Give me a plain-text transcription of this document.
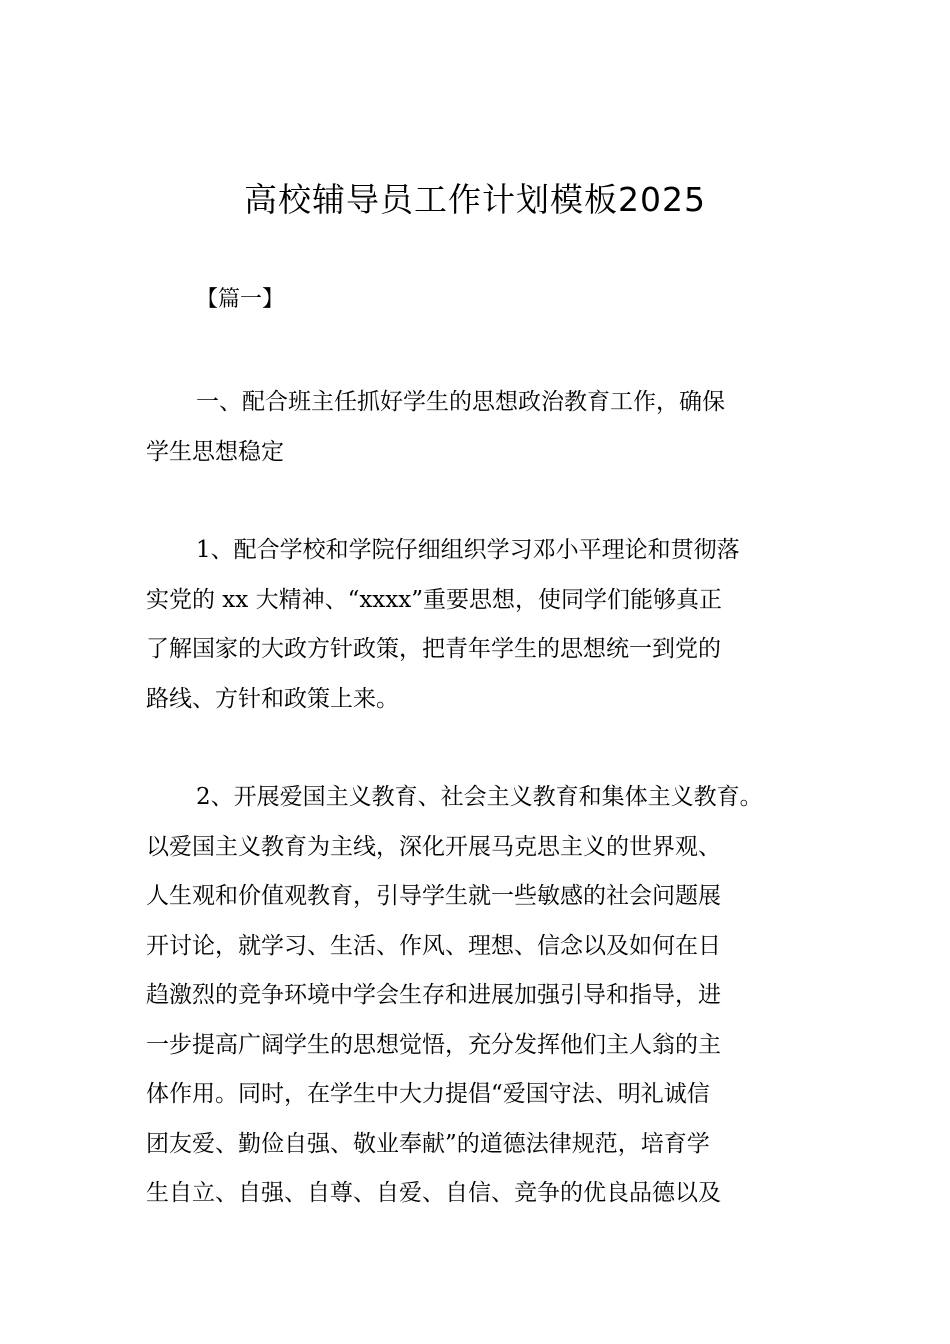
高校辅导员工作计划模板2025

【篇一】

一、配合班主任抓好学生的思想政治教育工作，确保
学生思想稳定

1、配合学校和学院仔细组织学习邓小平理论和贯彻落
实党的 xx 大精神、“xxxx”重要思想，使同学们能够真正
了解国家的大政方针政策，把青年学生的思想统一到党的
路线、方针和政策上来。

2、开展爱国主义教育、社会主义教育和集体主义教育。
以爱国主义教育为主线，深化开展马克思主义的世界观、
人生观和价值观教育，引导学生就一些敏感的社会问题展
开讨论，就学习、生活、作风、理想、信念以及如何在日
趋激烈的竞争环境中学会生存和进展加强引导和指导，进
一步提高广阔学生的思想觉悟，充分发挥他们主人翁的主
体作用。同时，在学生中大力提倡“爱国守法、明礼诚信
团友爱、勤俭自强、敬业奉献”的道德法律规范，培育学
生自立、自强、自尊、自爱、自信、竞争的优良品德以及
